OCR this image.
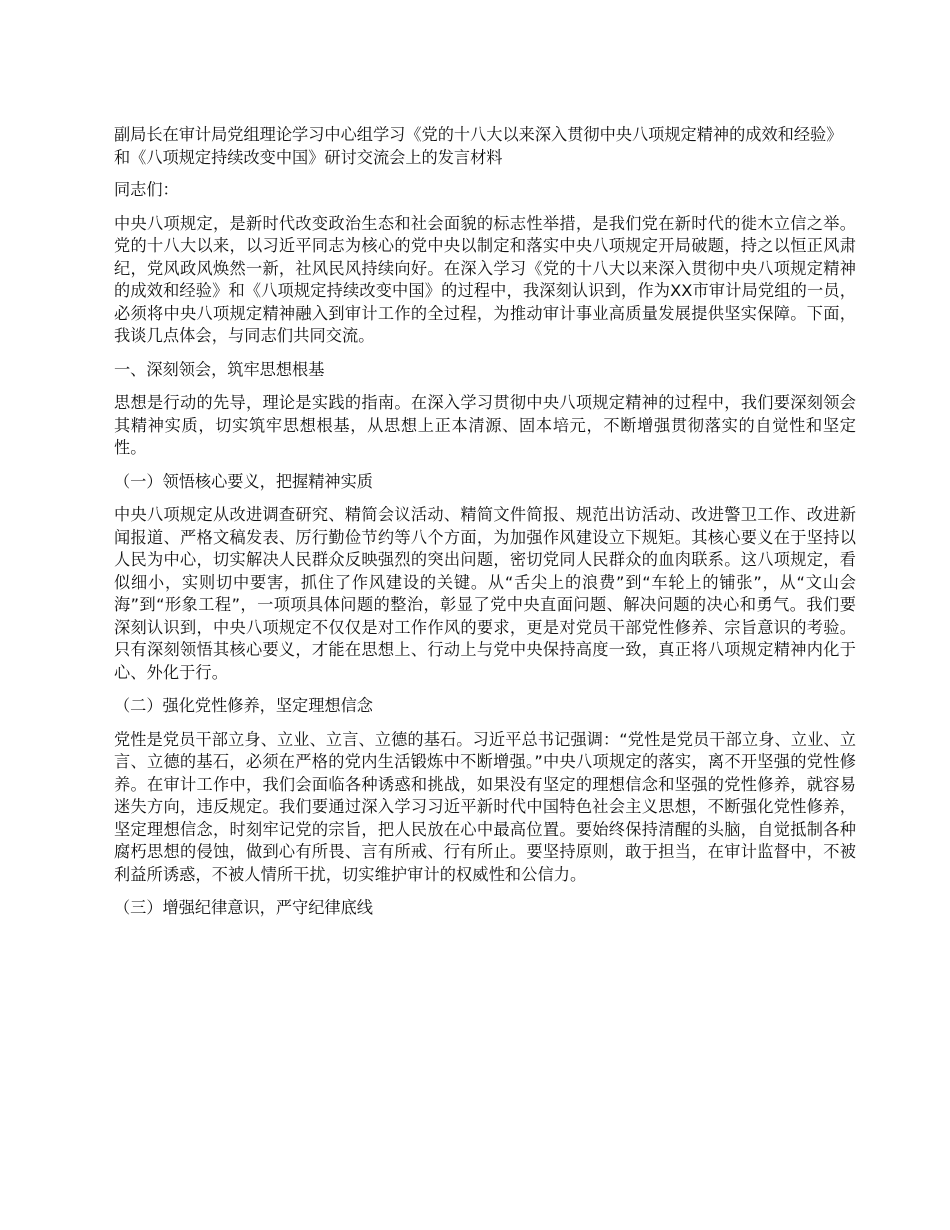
副局长在审计局党组理论学习中心组学习《党的十八大以来深入贯彻中央八项规定精神的成效和经验》和《八项规定持续改变中国》研讨交流会上的发言材料

同志们：

中央八项规定，是新时代改变政治生态和社会面貌的标志性举措，是我们党在新时代的徙木立信之举。党的十八大以来，以习近平同志为核心的党中央以制定和落实中央八项规定开局破题，持之以恒正风肃纪，党风政风焕然一新，社风民风持续向好。在深入学习《党的十八大以来深入贯彻中央八项规定精神的成效和经验》和《八项规定持续改变中国》的过程中，我深刻认识到，作为XX市审计局党组的一员，必须将中央八项规定精神融入到审计工作的全过程，为推动审计事业高质量发展提供坚实保障。下面，我谈几点体会，与同志们共同交流。

一、深刻领会，筑牢思想根基

思想是行动的先导，理论是实践的指南。在深入学习贯彻中央八项规定精神的过程中，我们要深刻领会其精神实质，切实筑牢思想根基，从思想上正本清源、固本培元，不断增强贯彻落实的自觉性和坚定性。

（一）领悟核心要义，把握精神实质

中央八项规定从改进调查研究、精简会议活动、精简文件简报、规范出访活动、改进警卫工作、改进新闻报道、严格文稿发表、厉行勤俭节约等八个方面，为加强作风建设立下规矩。其核心要义在于坚持以人民为中心，切实解决人民群众反映强烈的突出问题，密切党同人民群众的血肉联系。这八项规定，看似细小，实则切中要害，抓住了作风建设的关键。从“舌尖上的浪费”到“车轮上的铺张”，从“文山会海”到“形象工程”，一项项具体问题的整治，彰显了党中央直面问题、解决问题的决心和勇气。我们要深刻认识到，中央八项规定不仅仅是对工作作风的要求，更是对党员干部党性修养、宗旨意识的考验。只有深刻领悟其核心要义，才能在思想上、行动上与党中央保持高度一致，真正将八项规定精神内化于心、外化于行。

（二）强化党性修养，坚定理想信念

党性是党员干部立身、立业、立言、立德的基石。习近平总书记强调：“党性是党员干部立身、立业、立言、立德的基石，必须在严格的党内生活锻炼中不断增强。”中央八项规定的落实，离不开坚强的党性修养。在审计工作中，我们会面临各种诱惑和挑战，如果没有坚定的理想信念和坚强的党性修养，就容易迷失方向，违反规定。我们要通过深入学习习近平新时代中国特色社会主义思想，不断强化党性修养，坚定理想信念，时刻牢记党的宗旨，把人民放在心中最高位置。要始终保持清醒的头脑，自觉抵制各种腐朽思想的侵蚀，做到心有所畏、言有所戒、行有所止。要坚持原则，敢于担当，在审计监督中，不被利益所诱惑，不被人情所干扰，切实维护审计的权威性和公信力。

（三）增强纪律意识，严守纪律底线
